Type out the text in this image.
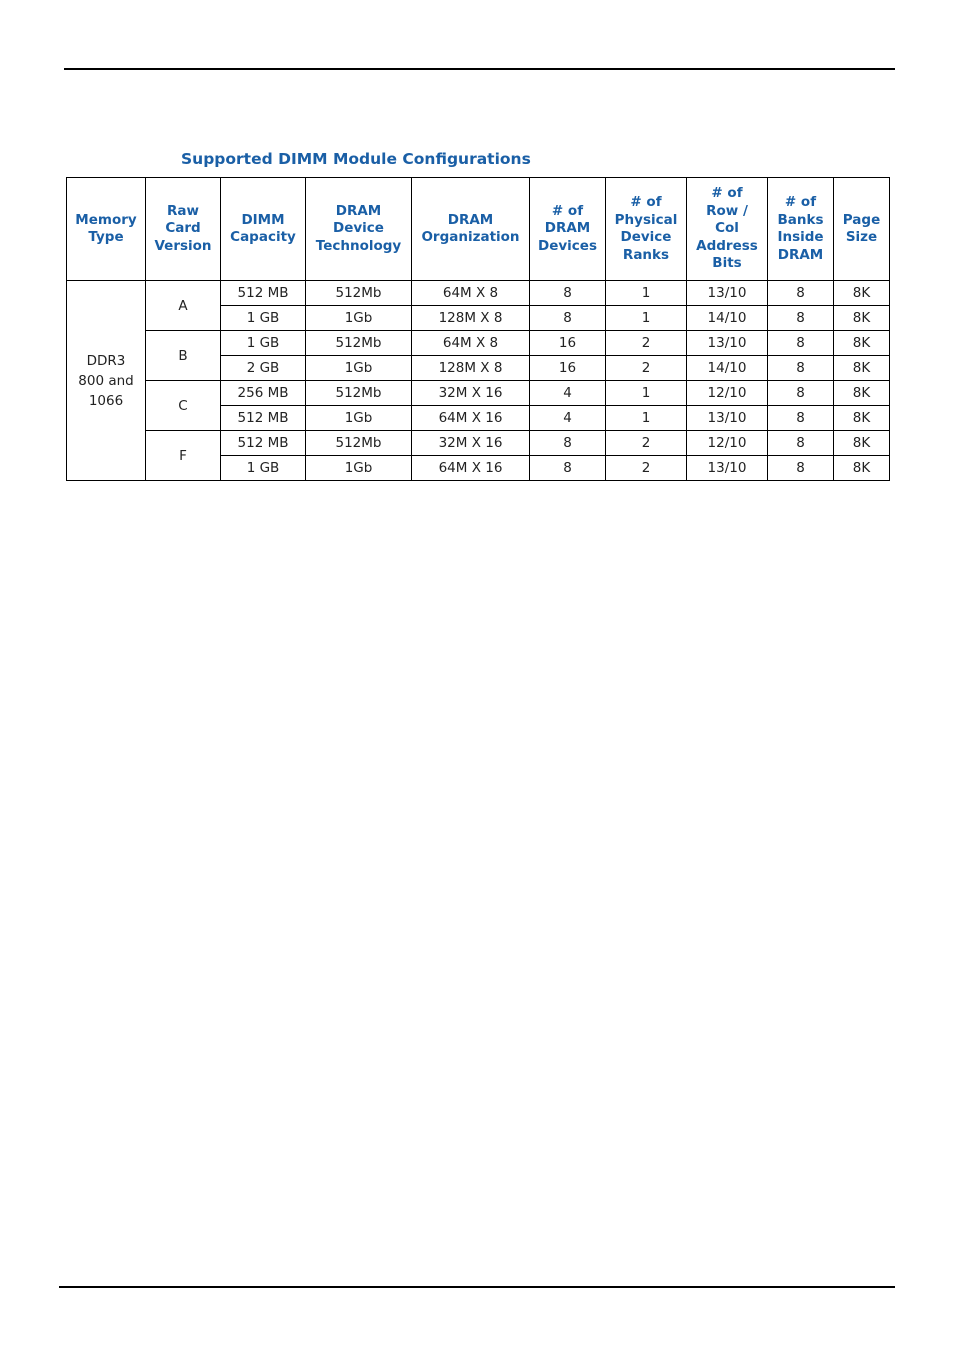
Supported DIMM Module Configurations
Memory
Type	Raw
Card
Version	DIMM
Capacity	DRAM
Device
Technology	DRAM
Organization	# of
DRAM
Devices	# of
Physical
Device
Ranks	# of
Row /
Col
Address
Bits	# of
Banks
Inside
DRAM	Page
Size
DDR3
800 and
1066	A	512 MB	512Mb	64M X 8	8	1	13/10	8	8K
		1 GB	1Gb	128M X 8	8	1	14/10	8	8K
	B	1 GB	512Mb	64M X 8	16	2	13/10	8	8K
		2 GB	1Gb	128M X 8	16	2	14/10	8	8K
	C	256 MB	512Mb	32M X 16	4	1	12/10	8	8K
		512 MB	1Gb	64M X 16	4	1	13/10	8	8K
	F	512 MB	512Mb	32M X 16	8	2	12/10	8	8K
		1 GB	1Gb	64M X 16	8	2	13/10	8	8K
